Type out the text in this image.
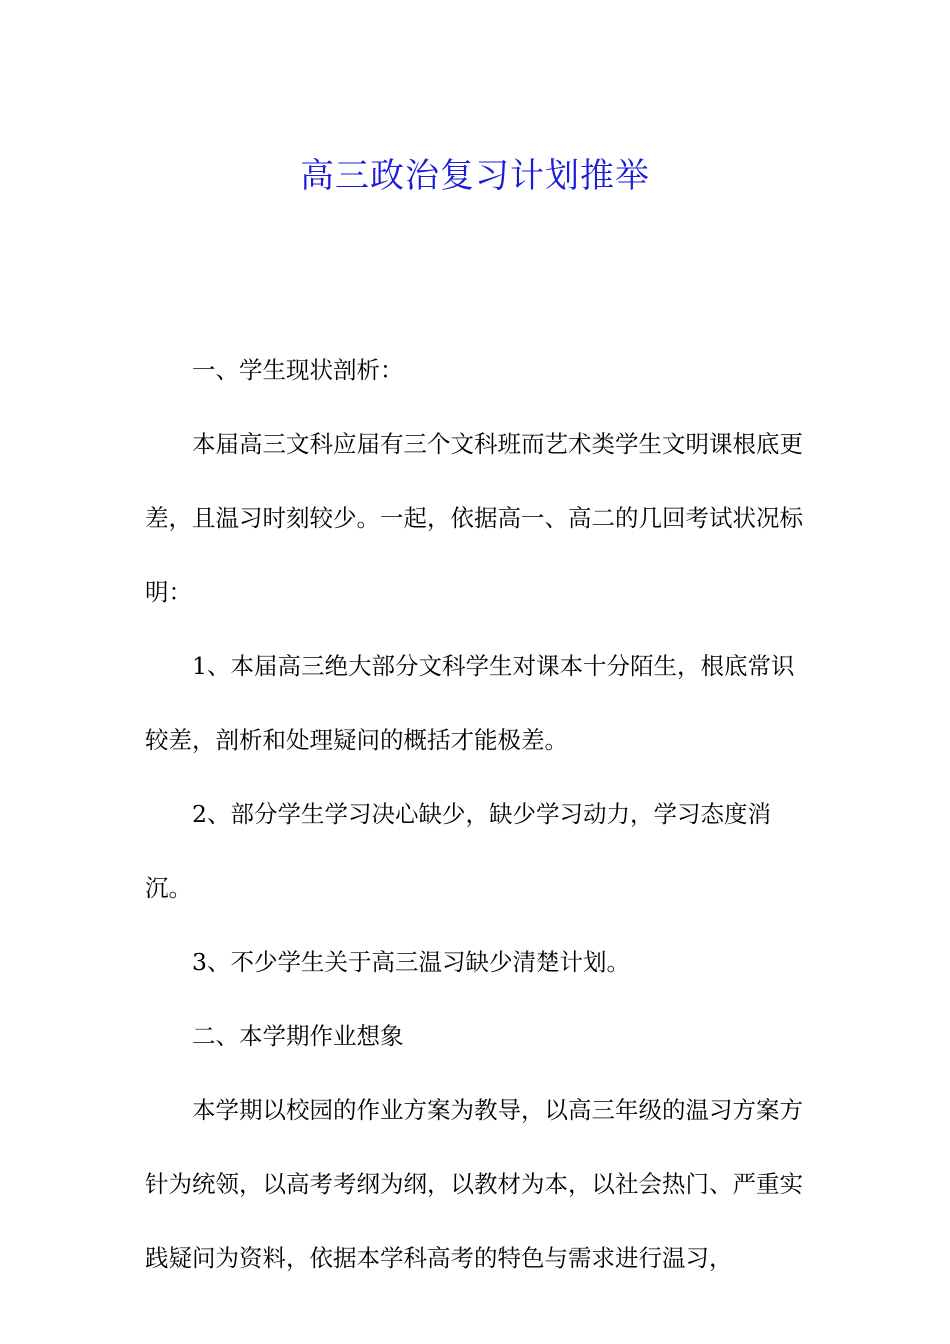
高三政治复习计划推举

一、学生现状剖析：

本届高三文科应届有三个文科班而艺术类学生文明课根底更差，且温习时刻较少。一起，依据高一、高二的几回考试状况标明：

1、本届高三绝大部分文科学生对课本十分陌生，根底常识较差，剖析和处理疑问的概括才能极差。

2、部分学生学习决心缺少，缺少学习动力，学习态度消沉。

3、不少学生关于高三温习缺少清楚计划。

二、本学期作业想象

本学期以校园的作业方案为教导，以高三年级的温习方案方针为统领，以高考考纲为纲，以教材为本，以社会热门、严重实践疑问为资料，依据本学科高考的特色与需求进行温习，
